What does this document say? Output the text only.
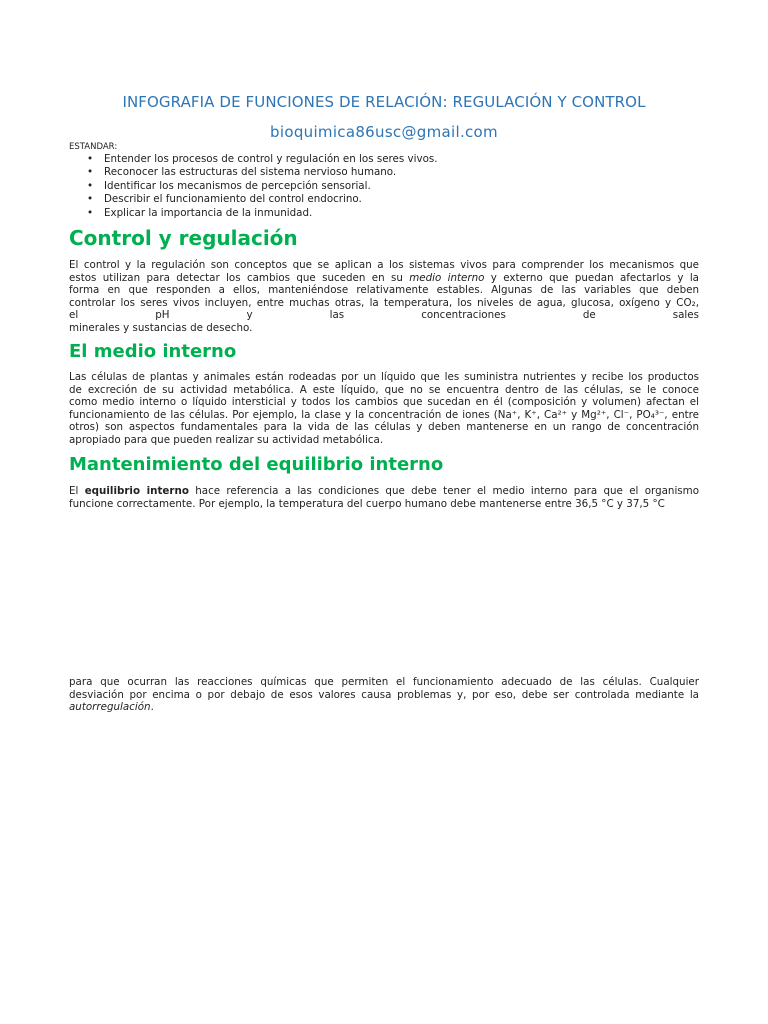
INFOGRAFIA DE FUNCIONES DE RELACIÓN: REGULACIÓN Y CONTROL
bioquimica86usc@gmail.com
ESTANDAR:
• Entender los procesos de control y regulación en los seres vivos.
• Reconocer las estructuras del sistema nervioso humano.
• Identificar los mecanismos de percepción sensorial.
• Describir el funcionamiento del control endocrino.
• Explicar la importancia de la inmunidad.
Control y regulación
El control y la regulación son conceptos que se aplican a los sistemas vivos para comprender los mecanismos que
estos utilizan para detectar los cambios que suceden en su medio interno y externo que puedan afectarlos y la
forma en que responden a ellos, manteniéndose relativamente estables. Algunas de las variables que deben
controlar los seres vivos incluyen, entre muchas otras, la temperatura, los niveles de agua, glucosa, oxígeno y CO₂,
el pH y las concentraciones de sales
minerales y sustancias de desecho.
El medio interno
Las células de plantas y animales están rodeadas por un líquido que les suministra nutrientes y recibe los productos
de excreción de su actividad metabólica. A este líquido, que no se encuentra dentro de las células, se le conoce
como medio interno o líquido intersticial y todos los cambios que sucedan en él (composición y volumen) afectan el
funcionamiento de las células. Por ejemplo, la clase y la concentración de iones (Na⁺, K⁺, Ca²⁺ y Mg²⁺, Cl⁻, PO₄³⁻, entre
otros) son aspectos fundamentales para la vida de las células y deben mantenerse en un rango de concentración
apropiado para que pueden realizar su actividad metabólica.
Mantenimiento del equilibrio interno
El equilibrio interno hace referencia a las condiciones que debe tener el medio interno para que el organismo
funcione correctamente. Por ejemplo, la temperatura del cuerpo humano debe mantenerse entre 36,5 °C y 37,5 °C
para que ocurran las reacciones químicas que permiten el funcionamiento adecuado de las células. Cualquier
desviación por encima o por debajo de esos valores causa problemas y, por eso, debe ser controlada mediante la
autorregulación.
